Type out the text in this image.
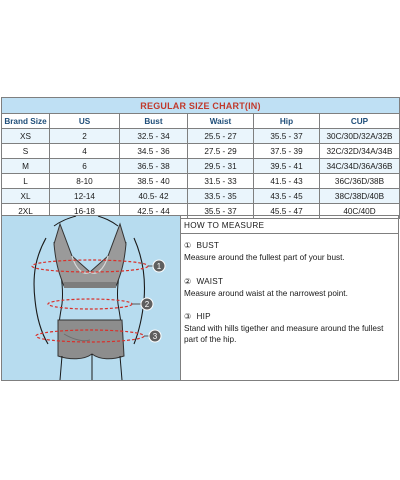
REGULAR SIZE CHART(IN)					
Brand Size	US	Bust	Waist	Hip	CUP
XS	2	32.5 - 34	25.5 - 27	35.5 - 37	30C/30D/32A/32B
S	4	34.5 - 36	27.5 - 29	37.5 - 39	32C/32D/34A/34B
M	6	36.5 - 38	29.5 - 31	39.5 - 41	34C/34D/36A/36B
L	8-10	38.5 - 40	31.5 - 33	41.5 - 43	36C/36D/38B
XL	12-14	40.5- 42	33.5 - 35	43.5 - 45	38C/38D/40B
2XL	16-18	42.5 - 44	35.5 - 37	45.5 - 47	40C/40D
1
2
3
HOW TO MEASURE
① BUST
Measure around the fullest part of your bust.
② WAIST
Measure around waist at the narrowest point.
③ HIP
Stand with hills tigether and measure around the fullest part of the hip.
